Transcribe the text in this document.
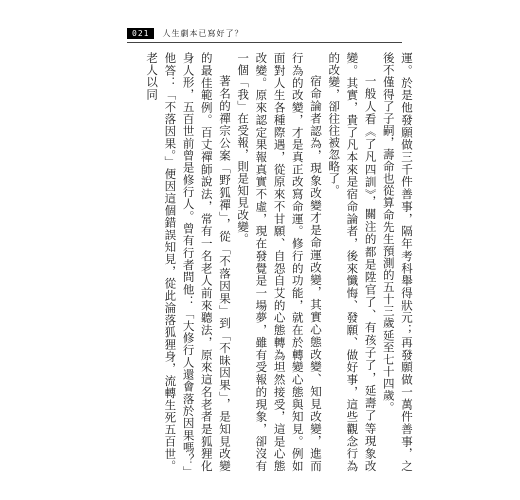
021	人生劇本已寫好了？

運。於是他發願做三千件善事，隔年考科舉得狀元；再發願做一萬件善事，之後不僅得了子嗣，壽命也從算命先生預測的五十三歲延至七十四歲。

一般人看《了凡四訓》，關注的都是陞官了、有孩子了，延壽了等現象改變。其實，貴了凡本來是宿命論者，後來懺悔、發願、做好事，這些觀念行為的改變，卻往往被忽略了。

宿命論者認為，現象改變才是命運改變，其實心態改變、知見改變，進而行為的改變，才是真正改寫命運。修行的功能，就在於轉變心態與知見。例如面對人生各種際遇，從原來不甘願、自怨自艾的心態轉為坦然接受，這是心態改變。原來認定果報真實不虛，現在發覺是一場夢，雖有受報的現象，卻沒有一個「我」在受報，則是知見改變。

著名的禪宗公案「野狐禪」，從「不落因果」到「不昧因果」，是知見改變的最佳範例。百丈禪師說法，常有一名老人前來聽法，原來這名老者是狐狸化身人形，五百世前曾是修行人。曾有行者問他：「大修行人還會落於因果嗎？」他答：「不落因果。」便因這個錯誤知見，從此淪落狐狸身，流轉生死五百世。老人以同
